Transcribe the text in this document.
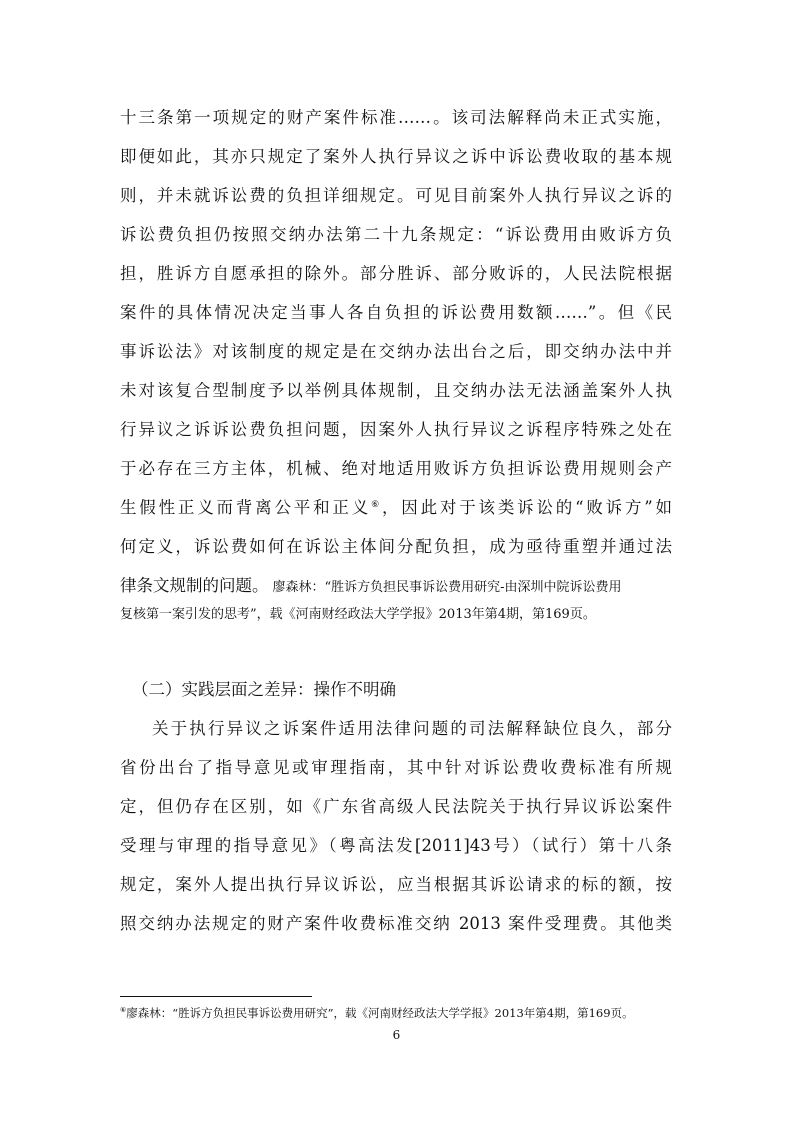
十三条第一项规定的财产案件标准……。该司法解释尚未正式实施，
即便如此，其亦只规定了案外人执行异议之诉中诉讼费收取的基本规
则，并未就诉讼费的负担详细规定。可见目前案外人执行异议之诉的
诉讼费负担仍按照交纳办法第二十九条规定：“诉讼费用由败诉方负
担，胜诉方自愿承担的除外。部分胜诉、部分败诉的，人民法院根据
案件的具体情况决定当事人各自负担的诉讼费用数额……”。但《民
事诉讼法》对该制度的规定是在交纳办法出台之后，即交纳办法中并
未对该复合型制度予以举例具体规制，且交纳办法无法涵盖案外人执
行异议之诉诉讼费负担问题，因案外人执行异议之诉程序特殊之处在
于必存在三方主体，机械、绝对地适用败诉方负担诉讼费用规则会产
生假性正义而背离公平和正义⑥，因此对于该类诉讼的“败诉方”如
何定义，诉讼费如何在诉讼主体间分配负担，成为亟待重塑并通过法
律条文规制的问题。 廖森林：“胜诉方负担民事诉讼费用研究-由深圳中院诉讼费用
复核第一案引发的思考”，载《河南财经政法大学学报》2013年第4期，第169页。
（二）实践层面之差异：操作不明确
关于执行异议之诉案件适用法律问题的司法解释缺位良久，部分
省份出台了指导意见或审理指南，其中针对诉讼费收费标准有所规
定，但仍存在区别，如《广东省高级人民法院关于执行异议诉讼案件
受理与审理的指导意见》（粤高法发[2011]43号）（试行）第十八条
规定，案外人提出执行异议诉讼，应当根据其诉讼请求的标的额，按
照交纳办法规定的财产案件收费标准交纳 2013 案件受理费。其他类
⑥廖森林：“胜诉方负担民事诉讼费用研究”，载《河南财经政法大学学报》2013年第4期，第169页。
6
